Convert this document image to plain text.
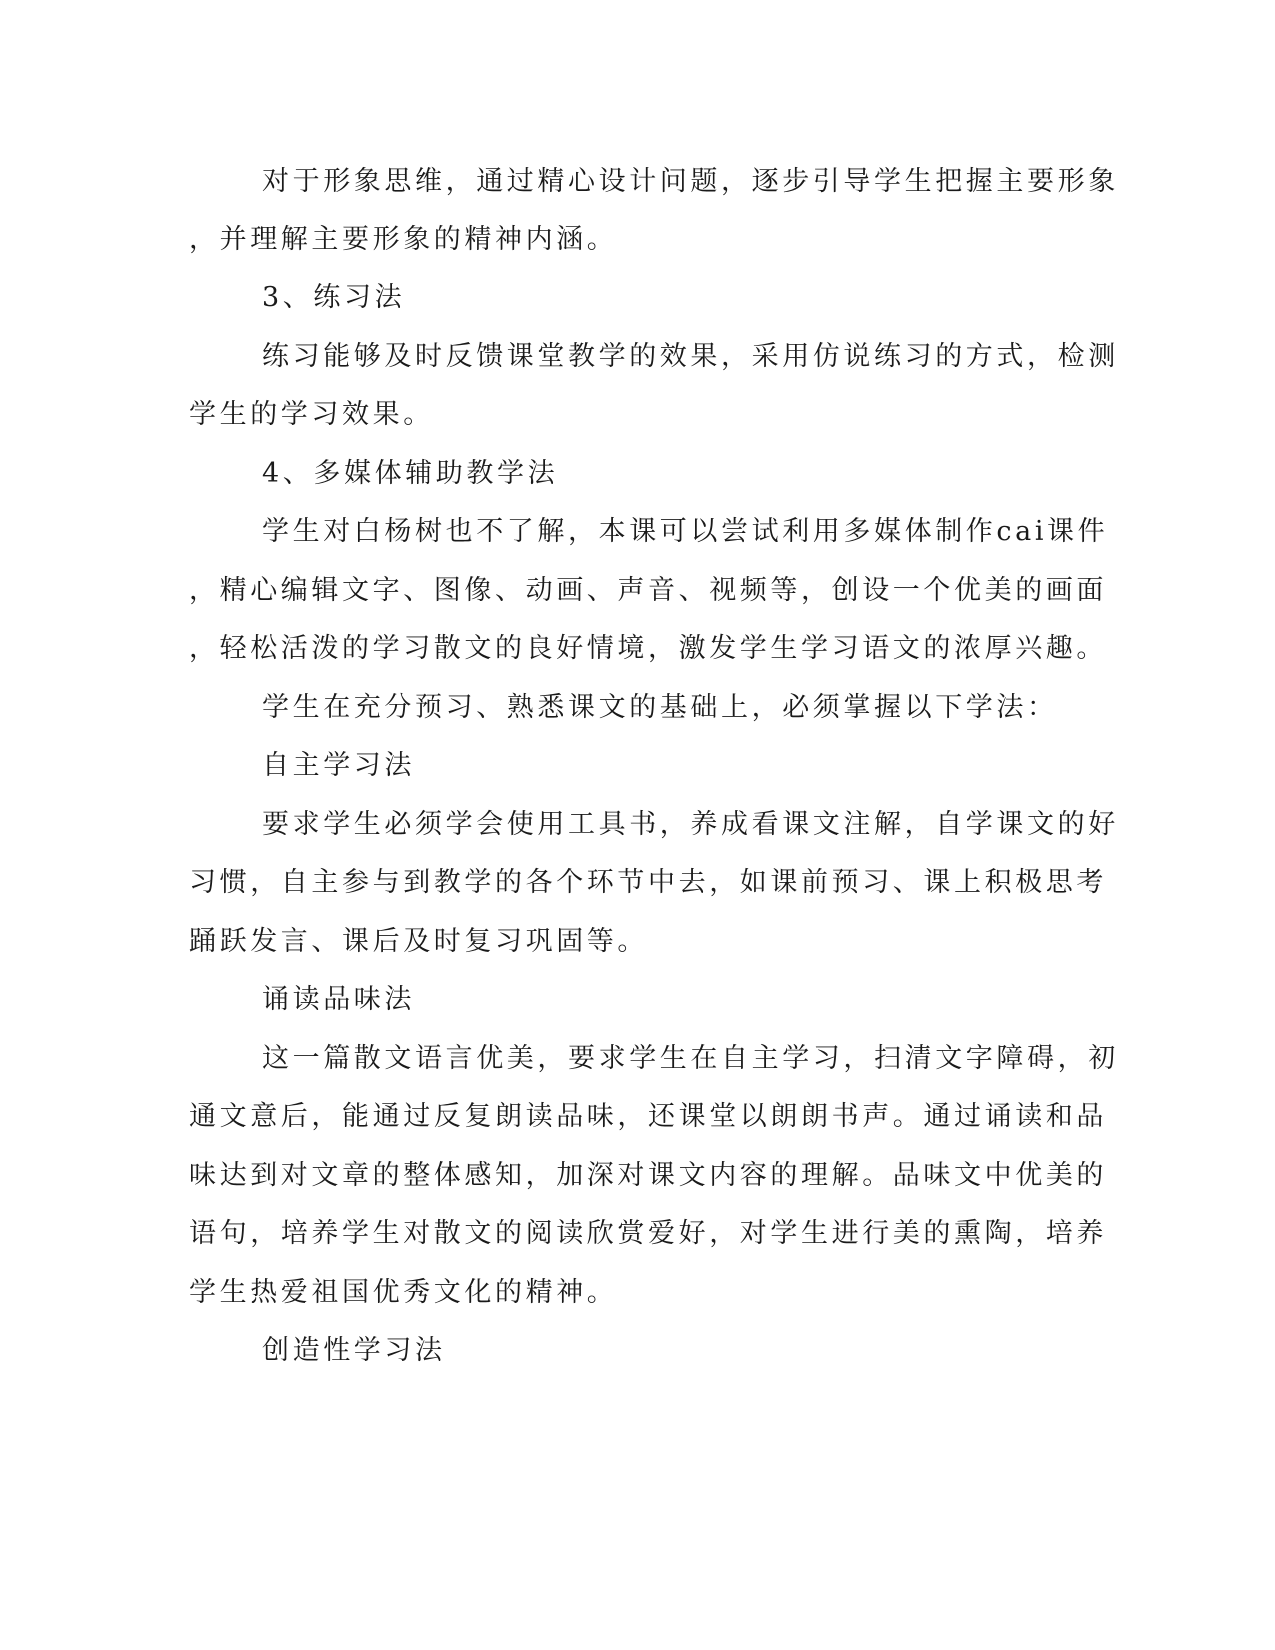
对于形象思维，通过精心设计问题，逐步引导学生把握主要形象
，并理解主要形象的精神内涵。
3、练习法
练习能够及时反馈课堂教学的效果，采用仿说练习的方式，检测
学生的学习效果。
4、多媒体辅助教学法
学生对白杨树也不了解，本课可以尝试利用多媒体制作cai课件
，精心编辑文字、图像、动画、声音、视频等，创设一个优美的画面
，轻松活泼的学习散文的良好情境，激发学生学习语文的浓厚兴趣。
学生在充分预习、熟悉课文的基础上，必须掌握以下学法：
自主学习法
要求学生必须学会使用工具书，养成看课文注解，自学课文的好
习惯，自主参与到教学的各个环节中去，如课前预习、课上积极思考
踊跃发言、课后及时复习巩固等。
诵读品味法
这一篇散文语言优美，要求学生在自主学习，扫清文字障碍，初
通文意后，能通过反复朗读品味，还课堂以朗朗书声。通过诵读和品
味达到对文章的整体感知，加深对课文内容的理解。品味文中优美的
语句，培养学生对散文的阅读欣赏爱好，对学生进行美的熏陶，培养
学生热爱祖国优秀文化的精神。
创造性学习法
